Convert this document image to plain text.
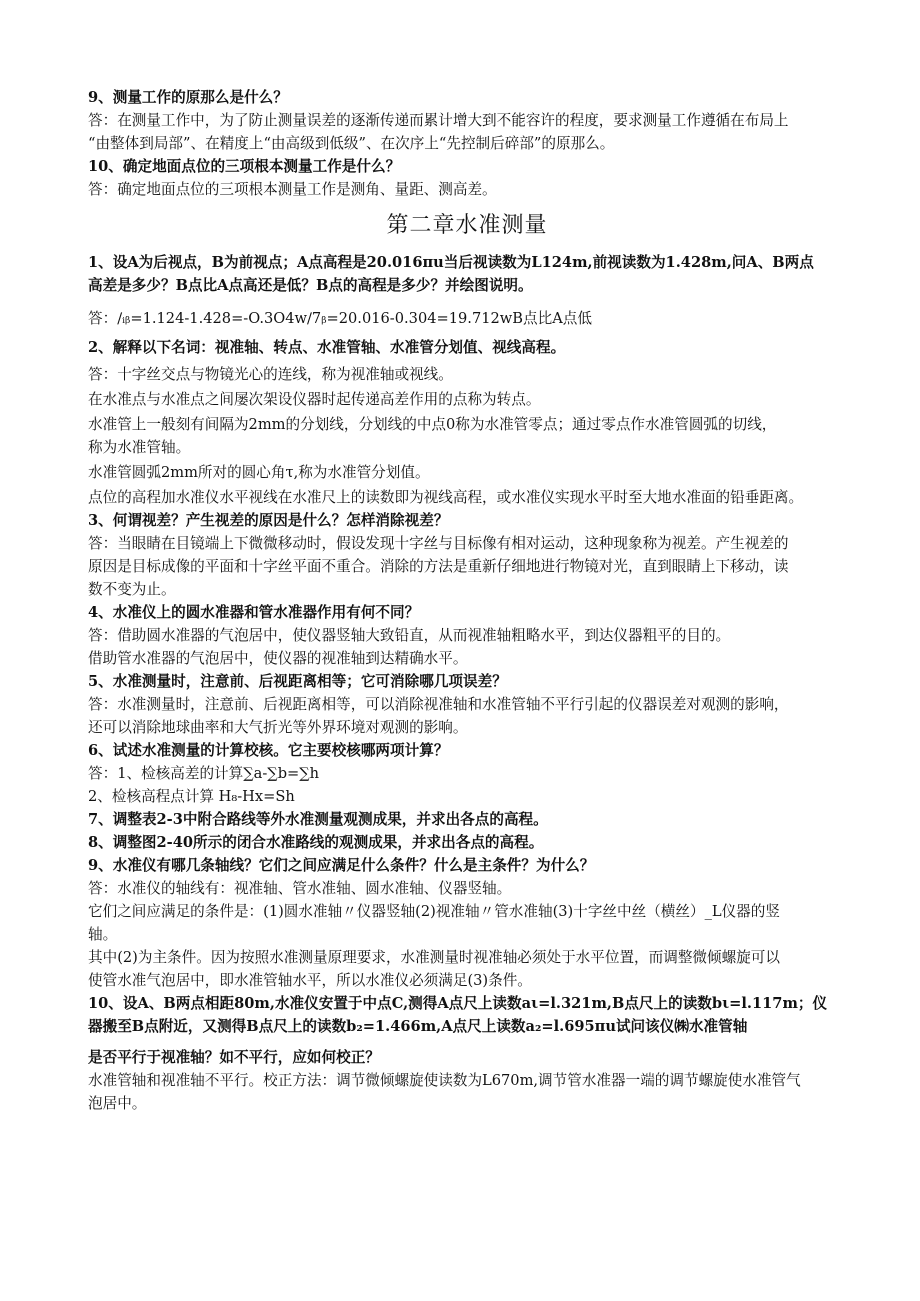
9、测量工作的原那么是什么？

答：在测量工作中，为了防止测量误差的逐渐传递而累计增大到不能容许的程度，要求测量工作遵循在布局上

“由整体到局部”、在精度上“由高级到低级”、在次序上“先控制后碎部”的原那么。

10、确定地面点位的三项根本测量工作是什么？

答：确定地面点位的三项根本测量工作是测角、量距、测高差。

第二章水准测量

1、设A为后视点，B为前视点；A点高程是20.016πu当后视读数为L124m,前视读数为1.428m,问A、B两点

高差是多少？B点比A点高还是低？B点的高程是多少？并绘图说明。

答：∕ᵢᵦ=1.124-1.428=-O.3O4w∕7ᵦ=20.016-0.304=19.712wB点比A点低

2、解释以下名词：视准轴、转点、水准管轴、水准管分划值、视线高程。

答：十字丝交点与物镜光心的连线，称为视准轴或视线。

在水准点与水准点之间屡次架设仪器时起传递高差作用的点称为转点。

水准管上一般刻有间隔为2mm的分划线，分划线的中点0称为水准管零点；通过零点作水准管圆弧的切线，

称为水准管轴。

水准管圆弧2mm所对的圆心角τ,称为水准管分划值。

点位的高程加水准仪水平视线在水准尺上的读数即为视线高程，或水准仪实现水平时至大地水准面的铅垂距离。

3、何谓视差？产生视差的原因是什么？怎样消除视差？

答：当眼睛在目镜端上下微微移动时，假设发现十字丝与目标像有相对运动，这种现象称为视差。产生视差的

原因是目标成像的平面和十字丝平面不重合。消除的方法是重新仔细地进行物镜对光，直到眼睛上下移动，读

数不变为止。

4、水准仪上的圆水准器和管水准器作用有何不同？

答：借助圆水准器的气泡居中，使仪器竖轴大致铅直，从而视准轴粗略水平，到达仪器粗平的目的。

借助管水准器的气泡居中，使仪器的视准轴到达精确水平。

5、水准测量时，注意前、后视距离相等；它可消除哪几项误差？

答：水准测量时，注意前、后视距离相等，可以消除视准轴和水准管轴不平行引起的仪器误差对观测的影响，

还可以消除地球曲率和大气折光等外界环境对观测的影响。

6、试述水准测量的计算校核。它主要校核哪两项计算？

答：1、检核高差的计算∑a-∑b=∑h

2、检核高程点计算 H₈-Hx=Sh

7、调整表2-3中附合路线等外水准测量观测成果，并求出各点的高程。

8、调整图2-40所示的闭合水准路线的观测成果，并求出各点的高程。

9、水准仪有哪几条轴线？它们之间应满足什么条件？什么是主条件？为什么？

答：水准仪的轴线有：视准轴、管水准轴、圆水准轴、仪器竖轴。

它们之间应满足的条件是：(1)圆水准轴〃仪器竖轴(2)视准轴〃管水准轴(3)十字丝中丝（横丝）_L仪器的竖

轴。

其中(2)为主条件。因为按照水准测量原理要求，水准测量时视准轴必须处于水平位置，而调整微倾螺旋可以

使管水准气泡居中，即水准管轴水平，所以水准仪必须满足(3)条件。

10、设A、B两点相距80m,水准仪安置于中点C,测得A点尺上读数aι=l.321m,B点尺上的读数bι=l.117m；仪

器搬至B点附近，又测得B点尺上的读数b₂=1.466m,A点尺上读数a₂=l.695πu试问该仪㈱水准管轴

是否平行于视准轴？如不平行，应如何校正？

水准管轴和视准轴不平行。校正方法：调节微倾螺旋使读数为L670m,调节管水准器一端的调节螺旋使水准管气

泡居中。
